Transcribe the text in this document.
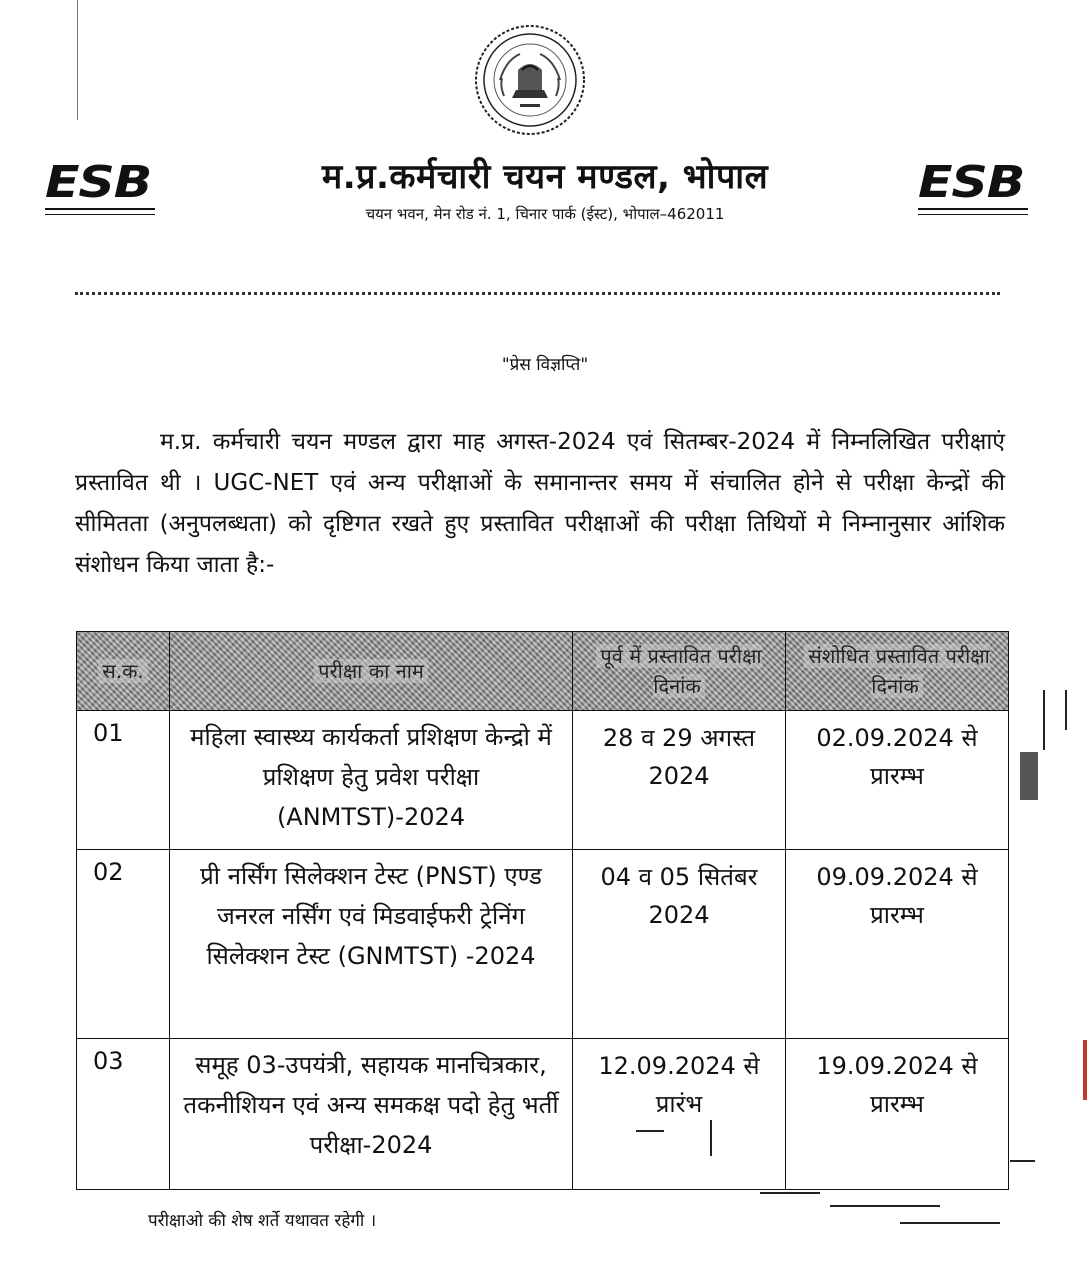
ESB	ESB
म.प्र.कर्मचारी चयन मण्डल, भोपाल
चयन भवन, मेन रोड नं. 1, चिनार पार्क (ईस्ट), भोपाल–462011
"प्रेस विज्ञप्ति"
म.प्र. कर्मचारी चयन मण्डल द्वारा माह अगस्त-2024 एवं सितम्बर-2024 में निम्नलिखित परीक्षाएं प्रस्तावित थी । UGC-NET एवं अन्य परीक्षाओं के समानान्तर समय में संचालित होने से परीक्षा केन्द्रों की सीमितता (अनुपलब्धता) को दृष्टिगत रखते हुए प्रस्तावित परीक्षाओं की परीक्षा तिथियों मे निम्नानुसार आंशिक संशोधन किया जाता है:-
स.क.	परीक्षा का नाम	पूर्व में प्रस्तावित परीक्षा दिनांक	संशोधित प्रस्तावित परीक्षा दिनांक
01	महिला स्वास्थ्य कार्यकर्ता प्रशिक्षण केन्द्रो में प्रशिक्षण हेतु प्रवेश परीक्षा (ANMTST)-2024	28 व 29 अगस्त 2024	02.09.2024 से प्रारम्भ
02	प्री नर्सिंग सिलेक्शन टेस्ट (PNST) एण्ड जनरल नर्सिंग एवं मिडवाईफरी ट्रेनिंग सिलेक्शन टेस्ट (GNMTST) -2024	04 व 05 सितंबर 2024	09.09.2024 से प्रारम्भ
03	समूह 03-उपयंत्री, सहायक मानचित्रकार, तकनीशियन एवं अन्य समकक्ष पदो हेतु भर्ती परीक्षा-2024	12.09.2024 से प्रारंभ	19.09.2024 से प्रारम्भ
परीक्षाओ की शेष शर्ते यथावत रहेगी ।
